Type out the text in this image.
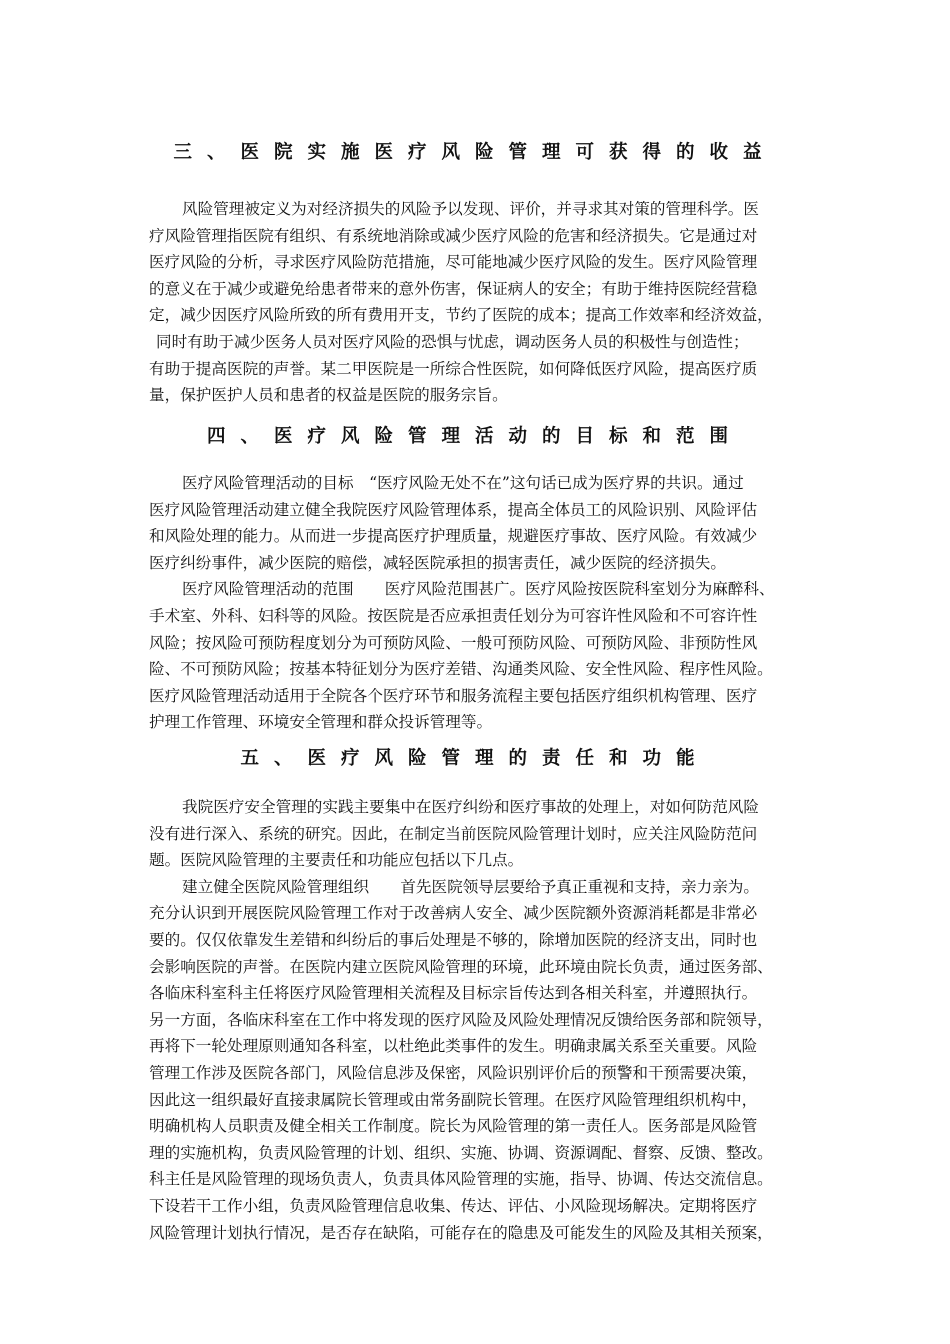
三、医院实施医疗风险管理可获得的收益
风险管理被定义为对经济损失的风险予以发现、评价，并寻求其对策的管理科学。医
疗风险管理指医院有组织、有系统地消除或减少医疗风险的危害和经济损失。它是通过对
医疗风险的分析，寻求医疗风险防范措施，尽可能地减少医疗风险的发生。医疗风险管理
的意义在于减少或避免给患者带来的意外伤害，保证病人的安全；有助于维持医院经营稳
定，减少因医疗风险所致的所有费用开支，节约了医院的成本；提高工作效率和经济效益，
同时有助于减少医务人员对医疗风险的恐惧与忧虑，调动医务人员的积极性与创造性；
有助于提高医院的声誉。某二甲医院是一所综合性医院，如何降低医疗风险，提高医疗质
量，保护医护人员和患者的权益是医院的服务宗旨。
四、医疗风险管理活动的目标和范围
医疗风险管理活动的目标　“医疗风险无处不在”这句话已成为医疗界的共识。通过
医疗风险管理活动建立健全我院医疗风险管理体系，提高全体员工的风险识别、风险评估
和风险处理的能力。从而进一步提高医疗护理质量，规避医疗事故、医疗风险。有效减少
医疗纠纷事件，减少医院的赔偿，减轻医院承担的损害责任，减少医院的经济损失。
医疗风险管理活动的范围　　医疗风险范围甚广。医疗风险按医院科室划分为麻醉科、
手术室、外科、妇科等的风险。按医院是否应承担责任划分为可容许性风险和不可容许性
风险；按风险可预防程度划分为可预防风险、一般可预防风险、可预防风险、非预防性风
险、不可预防风险；按基本特征划分为医疗差错、沟通类风险、安全性风险、程序性风险。
医疗风险管理活动适用于全院各个医疗环节和服务流程主要包括医疗组织机构管理、医疗
护理工作管理、环境安全管理和群众投诉管理等。
五、医疗风险管理的责任和功能
我院医疗安全管理的实践主要集中在医疗纠纷和医疗事故的处理上，对如何防范风险
没有进行深入、系统的研究。因此，在制定当前医院风险管理计划时，应关注风险防范问
题。医院风险管理的主要责任和功能应包括以下几点。
建立健全医院风险管理组织　　首先医院领导层要给予真正重视和支持，亲力亲为。
充分认识到开展医院风险管理工作对于改善病人安全、减少医院额外资源消耗都是非常必
要的。仅仅依靠发生差错和纠纷后的事后处理是不够的，除增加医院的经济支出，同时也
会影响医院的声誉。在医院内建立医院风险管理的环境，此环境由院长负责，通过医务部、
各临床科室科主任将医疗风险管理相关流程及目标宗旨传达到各相关科室，并遵照执行。
另一方面，各临床科室在工作中将发现的医疗风险及风险处理情况反馈给医务部和院领导，
再将下一轮处理原则通知各科室，以杜绝此类事件的发生。明确隶属关系至关重要。风险
管理工作涉及医院各部门，风险信息涉及保密，风险识别评价后的预警和干预需要决策，
因此这一组织最好直接隶属院长管理或由常务副院长管理。在医疗风险管理组织机构中，
明确机构人员职责及健全相关工作制度。院长为风险管理的第一责任人。医务部是风险管
理的实施机构，负责风险管理的计划、组织、实施、协调、资源调配、督察、反馈、整改。
科主任是风险管理的现场负责人，负责具体风险管理的实施，指导、协调、传达交流信息。
下设若干工作小组，负责风险管理信息收集、传达、评估、小风险现场解决。定期将医疗
风险管理计划执行情况，是否存在缺陷，可能存在的隐患及可能发生的风险及其相关预案，
